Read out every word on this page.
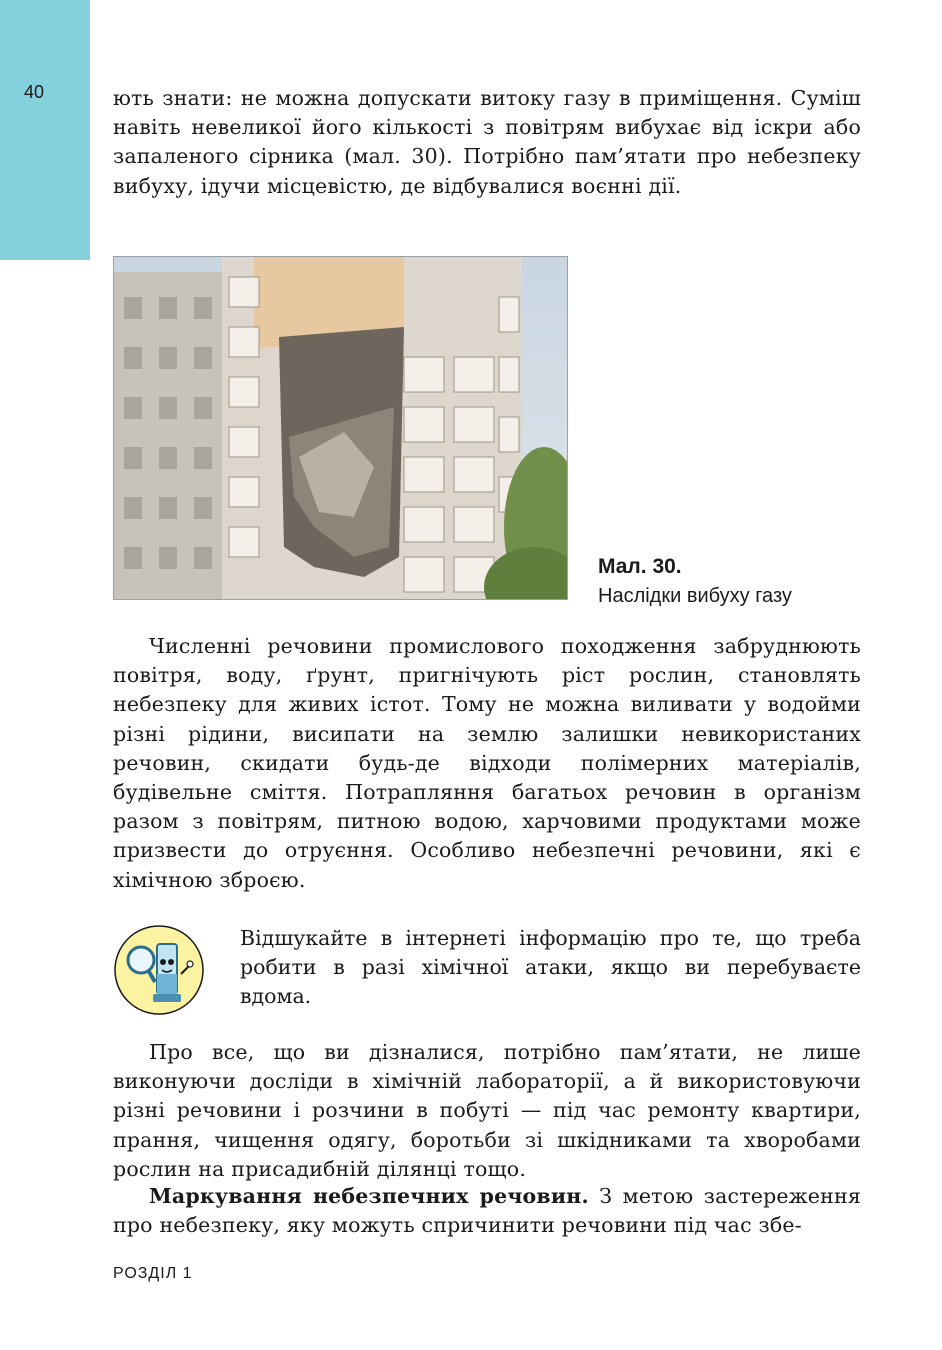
40	ють знати: не можна допускати витоку газу в приміщення. Суміш навіть невеликої його кількості з повітрям вибухає від іскри або запаленого сірника (мал. 30). Потрібно пам’ятати про небезпеку вибуху, ідучи місцевістю, де відбувалися воєнні дії.

Мал. 30.
Наслідки вибуху газу

Численні речовини промислового походження забруднюють повітря, воду, ґрунт, пригнічують ріст рослин, становлять небезпеку для живих істот. Тому не можна виливати у водойми різні рідини, висипати на землю залишки невикористаних речовин, скидати будь-де відходи полімерних матеріалів, будівельне сміття. Потрапляння багатьох речовин в організм разом з повітрям, питною водою, харчовими продуктами може призвести до отруєння. Особливо небезпечні речовини, які є хімічною зброєю.

Відшукайте в інтернеті інформацію про те, що треба робити в разі хімічної атаки, якщо ви перебуваєте вдома.

Про все, що ви дізналися, потрібно пам’ятати, не лише виконуючи досліди в хімічній лабораторії, а й використовуючи різні речовини і розчини в побуті — під час ремонту квартири, прання, чищення одягу, боротьби зі шкідниками та хворобами рослин на присадибній ділянці тощо.

Маркування небезпечних речовин. З метою застереження про небезпеку, яку можуть спричинити речовини під час збе-

РОЗДІЛ 1
